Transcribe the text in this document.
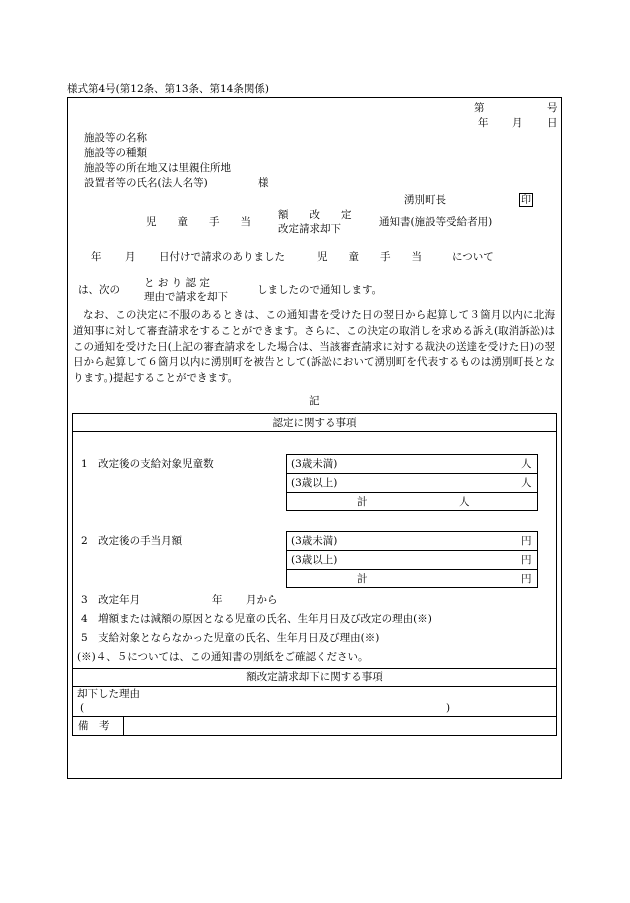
様式第4号(第12条、第13条、第14条関係)
第	号
年 月 日
施設等の名称
施設等の種類
施設等の所在地又は里親住所地
設置者等の氏名(法人名等)	様
湧別町長	印
児　　童　　手　　当
額　　改　　定
改定請求却下
通知書(施設等受給者用)
年 月 日付けで請求のありました	児　　童　　手　　当	について
は、次の
と お り 認 定
理由で請求を却下
しましたので通知します。
なお、この決定に不服のあるときは、この通知書を受けた日の翌日から起算して３箇月以内に北海道知事に対して審査請求をすることができます。さらに、この決定の取消しを求める訴え(取消訴訟)はこの通知を受けた日(上記の審査請求をした場合は、当該審査請求に対する裁決の送達を受けた日)の翌日から起算して６箇月以内に湧別町を被告として(訴訟において湧別町を代表するものは湧別町長となります。)提起することができます。
記
認定に関する事項
1　改定後の支給対象児童数	(3歳未満)	人
(3歳以上)	人
計	人
2　改定後の手当月額	(3歳未満)	円
(3歳以上)	円
計	円
3　改定年月	年 月から
4　増額または減額の原因となる児童の氏名、生年月日及び改定の理由(※)
5　支給対象とならなかった児童の氏名、生年月日及び理由(※)
(※)４、５については、この通知書の別紙をご確認ください。
額改定請求却下に関する事項
却下した理由
(	)
備　考
